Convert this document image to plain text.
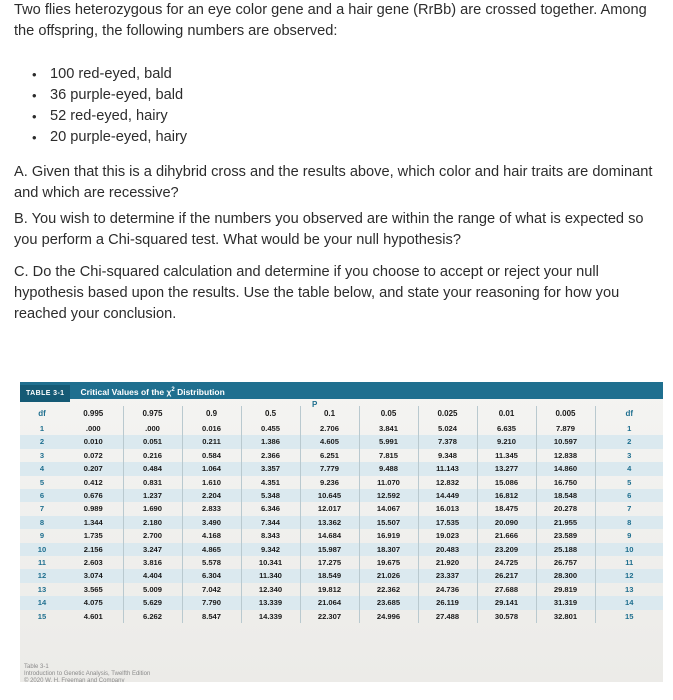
Two flies heterozygous for an eye color gene and a hair gene (RrBb) are crossed together. Among the offspring, the following numbers are observed:

• 100 red-eyed, bald
• 36 purple-eyed, bald
• 52 red-eyed, hairy
• 20 purple-eyed, hairy

A. Given that this is a dihybrid cross and the results above, which color and hair traits are dominant and which are recessive?

B. You wish to determine if the numbers you observed are within the range of what is expected so you perform a Chi-squared test. What would be your null hypothesis?

C. Do the Chi-squared calculation and determine if you choose to accept or reject your null hypothesis based upon the results. Use the table below, and state your reasoning for how you reached your conclusion.

TABLE 3-1 Critical Values of the $\chi^2$ Distribution
P
df	0.995	0.975	0.9	0.5	0.1	0.05	0.025	0.01	0.005	df
1	.000	.000	0.016	0.455	2.706	3.841	5.024	6.635	7.879	1
2	0.010	0.051	0.211	1.386	4.605	5.991	7.378	9.210	10.597	2
3	0.072	0.216	0.584	2.366	6.251	7.815	9.348	11.345	12.838	3
4	0.207	0.484	1.064	3.357	7.779	9.488	11.143	13.277	14.860	4
5	0.412	0.831	1.610	4.351	9.236	11.070	12.832	15.086	16.750	5
6	0.676	1.237	2.204	5.348	10.645	12.592	14.449	16.812	18.548	6
7	0.989	1.690	2.833	6.346	12.017	14.067	16.013	18.475	20.278	7
8	1.344	2.180	3.490	7.344	13.362	15.507	17.535	20.090	21.955	8
9	1.735	2.700	4.168	8.343	14.684	16.919	19.023	21.666	23.589	9
10	2.156	3.247	4.865	9.342	15.987	18.307	20.483	23.209	25.188	10
11	2.603	3.816	5.578	10.341	17.275	19.675	21.920	24.725	26.757	11
12	3.074	4.404	6.304	11.340	18.549	21.026	23.337	26.217	28.300	12
13	3.565	5.009	7.042	12.340	19.812	22.362	24.736	27.688	29.819	13
14	4.075	5.629	7.790	13.339	21.064	23.685	26.119	29.141	31.319	14
15	4.601	6.262	8.547	14.339	22.307	24.996	27.488	30.578	32.801	15
Table 3-1
Introduction to Genetic Analysis, Twelfth Edition
© 2020 W. H. Freeman and Company
